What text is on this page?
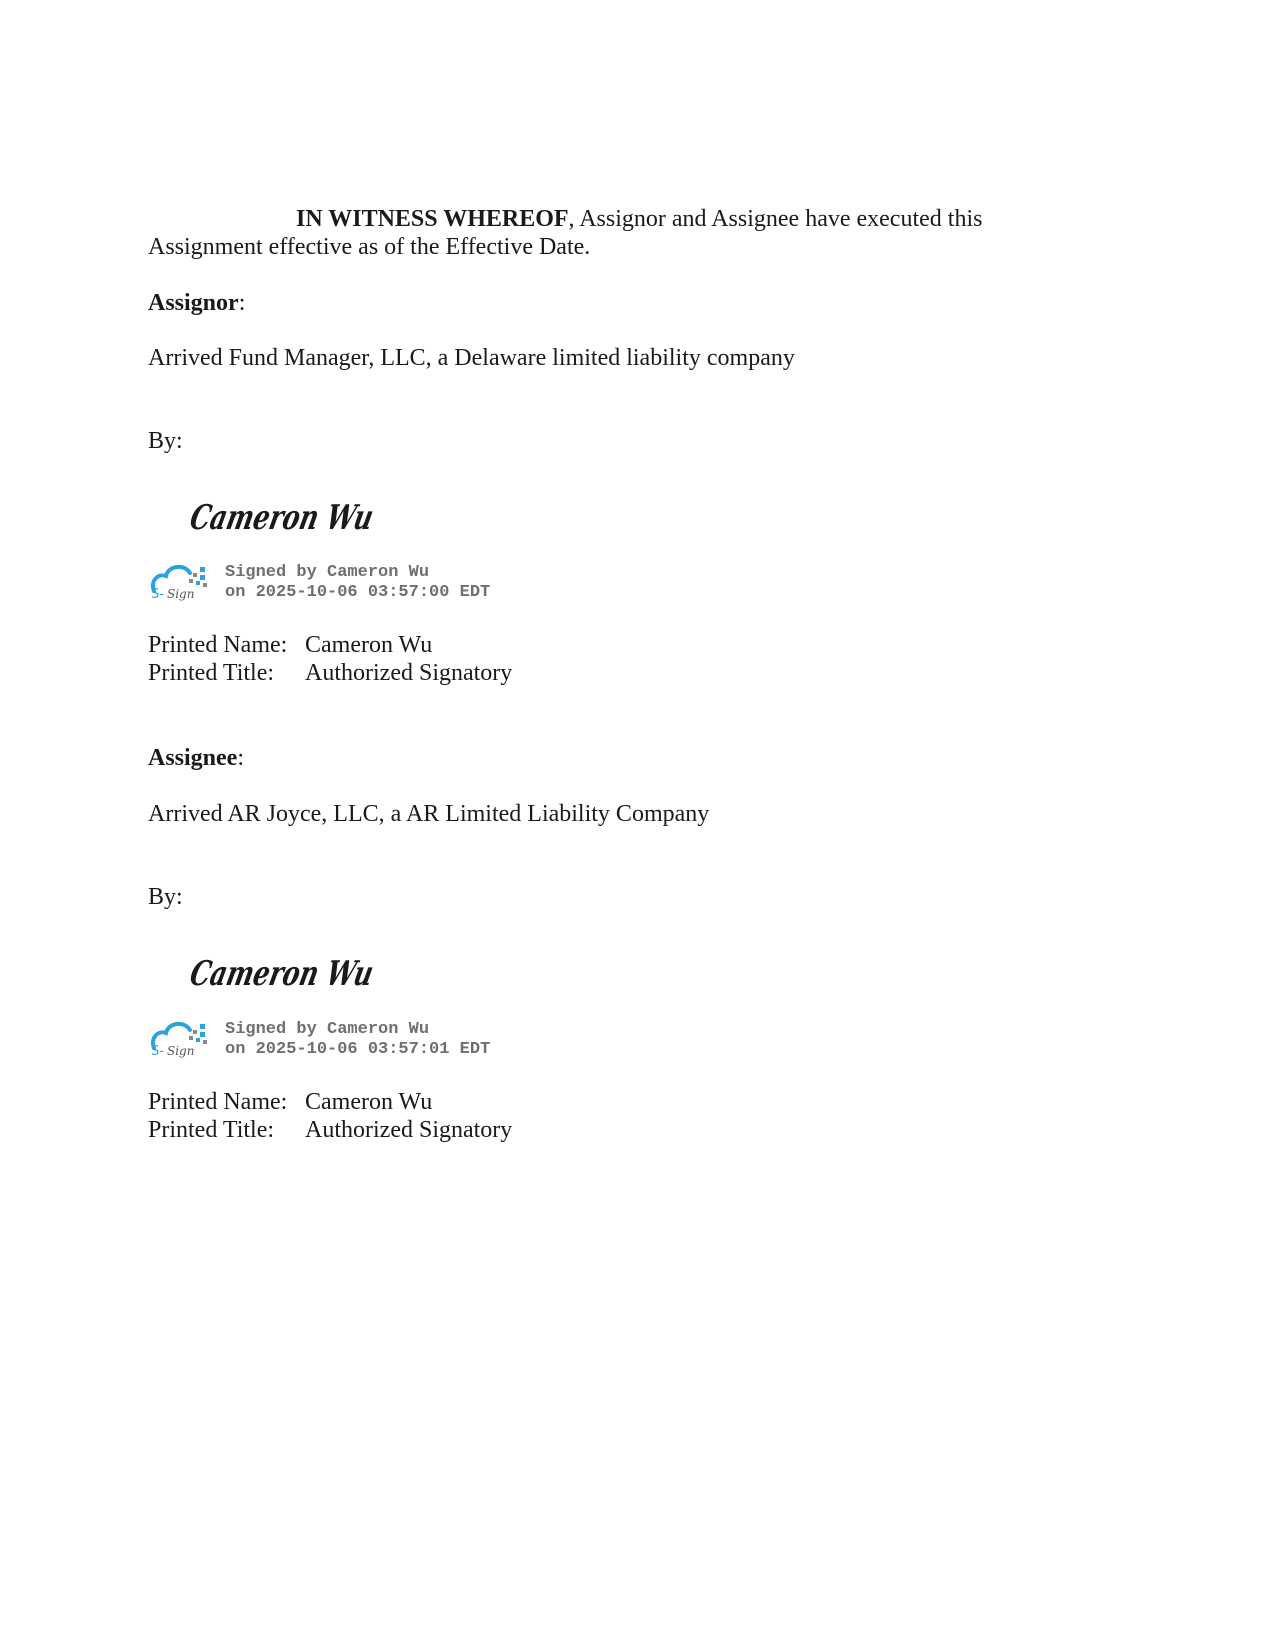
IN WITNESS WHEREOF, Assignor and Assignee have executed this

Assignment effective as of the Effective Date.

Assignor:

Arrived Fund Manager, LLC, a Delaware limited liability company

By:

Cameron Wu
S- Sign
Signed by Cameron Wu
on 2025-10-06 03:57:00 EDT

Printed Name: Cameron Wu

Printed Title: Authorized Signatory

Assignee:

Arrived AR Joyce, LLC, a AR Limited Liability Company

By:

Cameron Wu
S- Sign
Signed by Cameron Wu
on 2025-10-06 03:57:01 EDT

Printed Name: Cameron Wu

Printed Title: Authorized Signatory
